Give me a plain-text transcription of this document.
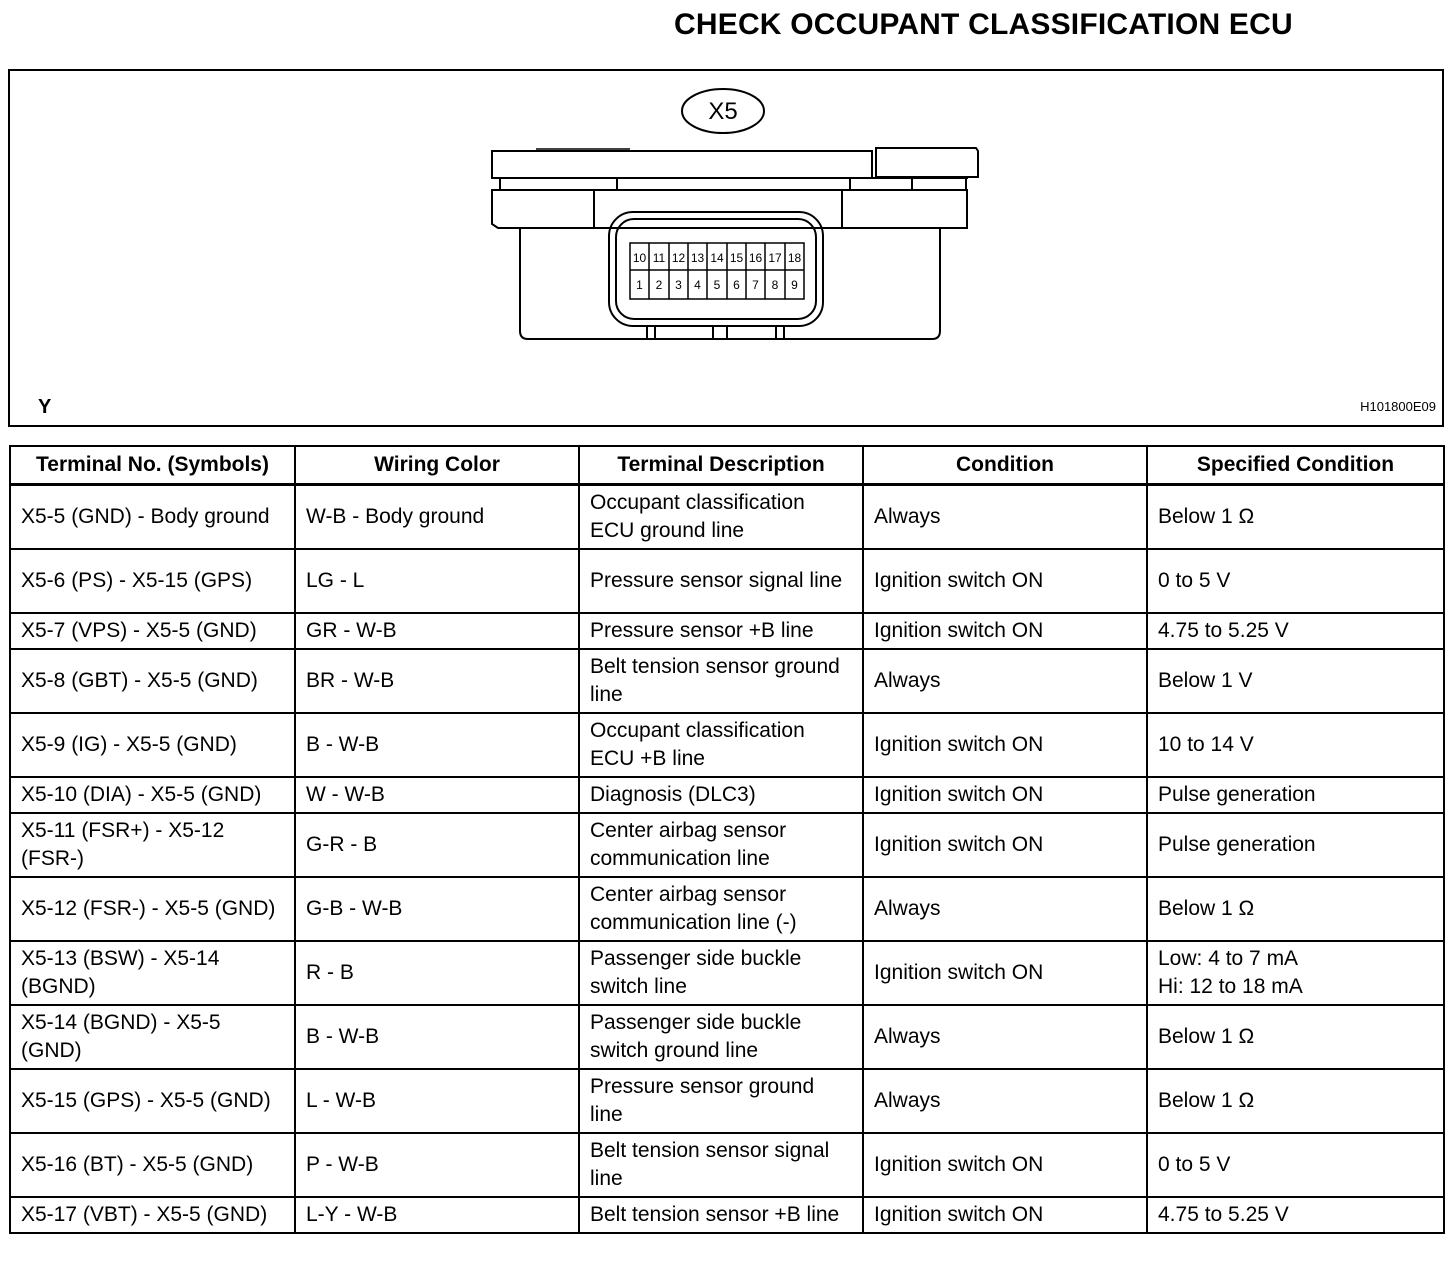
CHECK OCCUPANT CLASSIFICATION ECU
X5
10 11 12 13 14 15 16 17 18
1 2 3 4 5 6 7 8 9
Y	H101800E09
Terminal No. (Symbols)	Wiring Color	Terminal Description	Condition	Specified Condition
X5-5 (GND) - Body ground	W-B - Body ground	Occupant classification ECU ground line	Always	Below 1 Ω
X5-6 (PS) - X5-15 (GPS)	LG - L	Pressure sensor signal line	Ignition switch ON	0 to 5 V
X5-7 (VPS) - X5-5 (GND)	GR - W-B	Pressure sensor +B line	Ignition switch ON	4.75 to 5.25 V
X5-8 (GBT) - X5-5 (GND)	BR - W-B	Belt tension sensor ground line	Always	Below 1 V
X5-9 (IG) - X5-5 (GND)	B - W-B	Occupant classification ECU +B line	Ignition switch ON	10 to 14 V
X5-10 (DIA) - X5-5 (GND)	W - W-B	Diagnosis (DLC3)	Ignition switch ON	Pulse generation
X5-11 (FSR+) - X5-12 (FSR-)	G-R - B	Center airbag sensor communication line	Ignition switch ON	Pulse generation
X5-12 (FSR-) - X5-5 (GND)	G-B - W-B	Center airbag sensor communication line (-)	Always	Below 1 Ω
X5-13 (BSW) - X5-14 (BGND)	R - B	Passenger side buckle switch line	Ignition switch ON	Low: 4 to 7 mA
Hi: 12 to 18 mA

X5-14 (BGND) - X5-5 (GND)	B - W-B	Passenger side buckle switch ground line	Always	Below 1 Ω
X5-15 (GPS) - X5-5 (GND)	L - W-B	Pressure sensor ground line	Always	Below 1 Ω
X5-16 (BT) - X5-5 (GND)	P - W-B	Belt tension sensor signal line	Ignition switch ON	0 to 5 V
X5-17 (VBT) - X5-5 (GND)	L-Y - W-B	Belt tension sensor +B line	Ignition switch ON	4.75 to 5.25 V
